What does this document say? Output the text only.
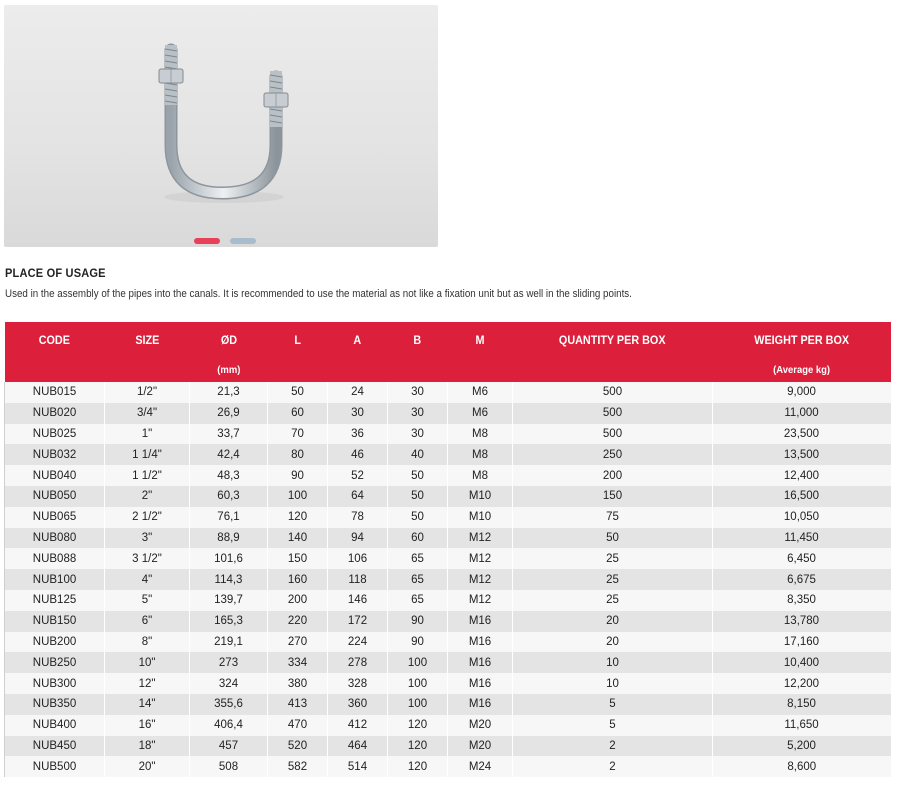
PLACE OF USAGE
Used in the assembly of the pipes into the canals. It is recommended to use the material as not like a fixation unit but as well in the sliding points.
CODE	SIZE	ØD	L	A	B	M	QUANTITY PER BOX	WEIGHT PER BOX
		(mm)						(Average kg)
NUB015	1/2"	21,3	50	24	30	M6	500	9,000
NUB020	3/4"	26,9	60	30	30	M6	500	11,000
NUB025	1"	33,7	70	36	30	M8	500	23,500
NUB032	1 1/4"	42,4	80	46	40	M8	250	13,500
NUB040	1 1/2"	48,3	90	52	50	M8	200	12,400
NUB050	2"	60,3	100	64	50	M10	150	16,500
NUB065	2 1/2"	76,1	120	78	50	M10	75	10,050
NUB080	3"	88,9	140	94	60	M12	50	11,450
NUB088	3 1/2"	101,6	150	106	65	M12	25	6,450
NUB100	4"	114,3	160	118	65	M12	25	6,675
NUB125	5"	139,7	200	146	65	M12	25	8,350
NUB150	6"	165,3	220	172	90	M16	20	13,780
NUB200	8"	219,1	270	224	90	M16	20	17,160
NUB250	10"	273	334	278	100	M16	10	10,400
NUB300	12"	324	380	328	100	M16	10	12,200
NUB350	14"	355,6	413	360	100	M16	5	8,150
NUB400	16"	406,4	470	412	120	M20	5	11,650
NUB450	18"	457	520	464	120	M20	2	5,200
NUB500	20"	508	582	514	120	M24	2	8,600
